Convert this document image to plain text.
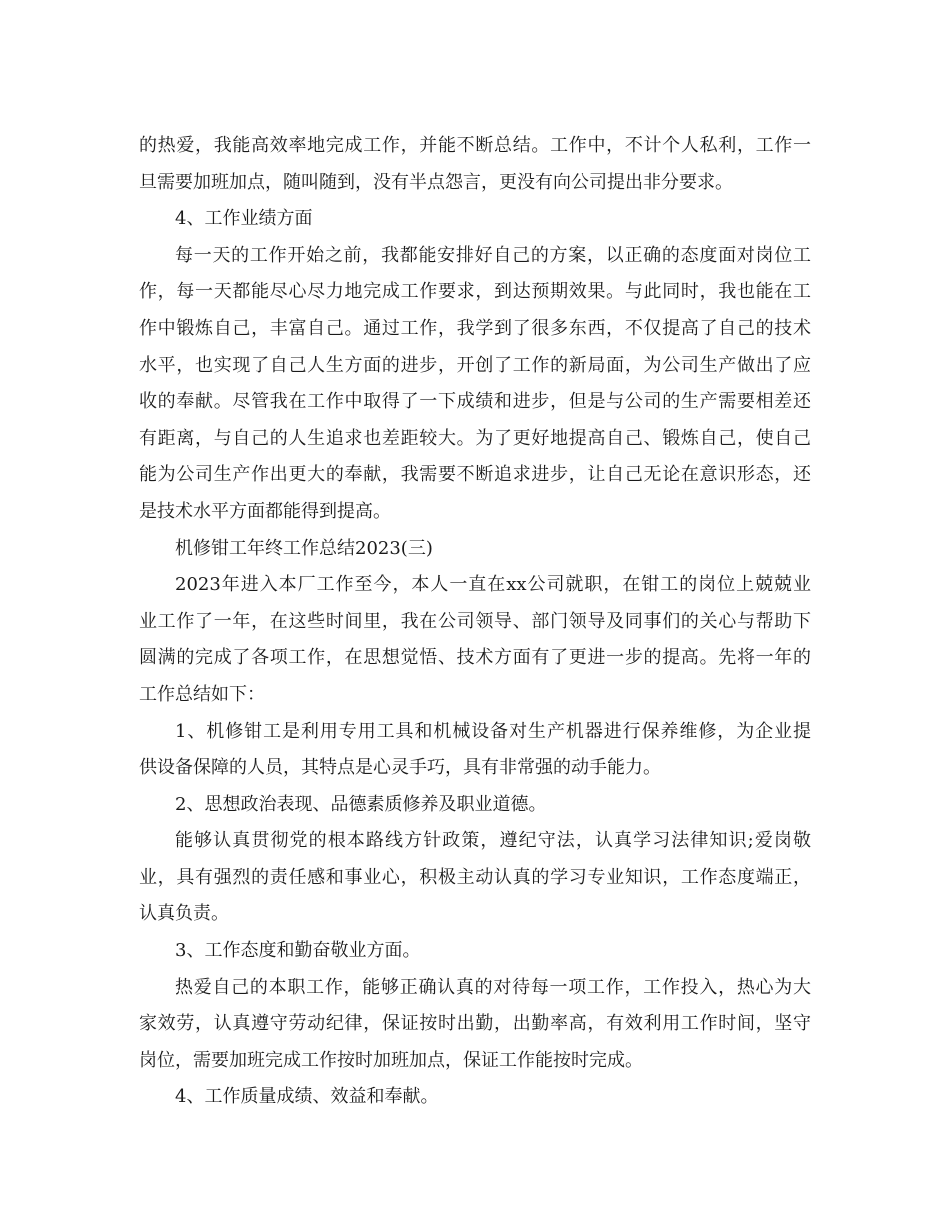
的热爱，我能高效率地完成工作，并能不断总结。工作中，不计个人私利，工作一
旦需要加班加点，随叫随到，没有半点怨言，更没有向公司提出非分要求。
4、工作业绩方面
每一天的工作开始之前，我都能安排好自己的方案，以正确的态度面对岗位工
作，每一天都能尽心尽力地完成工作要求，到达预期效果。与此同时，我也能在工
作中锻炼自己，丰富自己。通过工作，我学到了很多东西，不仅提高了自己的技术
水平，也实现了自己人生方面的进步，开创了工作的新局面，为公司生产做出了应
收的奉献。尽管我在工作中取得了一下成绩和进步，但是与公司的生产需要相差还
有距离，与自己的人生追求也差距较大。为了更好地提高自己、锻炼自己，使自己
能为公司生产作出更大的奉献，我需要不断追求进步，让自己无论在意识形态，还
是技术水平方面都能得到提高。
机修钳工年终工作总结2023(三)
2023年进入本厂工作至今，本人一直在xx公司就职，在钳工的岗位上兢兢业
业工作了一年，在这些时间里，我在公司领导、部门领导及同事们的关心与帮助下
圆满的完成了各项工作，在思想觉悟、技术方面有了更进一步的提高。先将一年的
工作总结如下：
1、机修钳工是利用专用工具和机械设备对生产机器进行保养维修，为企业提
供设备保障的人员，其特点是心灵手巧，具有非常强的动手能力。
2、思想政治表现、品德素质修养及职业道德。
能够认真贯彻党的根本路线方针政策，遵纪守法，认真学习法律知识;爱岗敬
业，具有强烈的责任感和事业心，积极主动认真的学习专业知识，工作态度端正，
认真负责。
3、工作态度和勤奋敬业方面。
热爱自己的本职工作，能够正确认真的对待每一项工作，工作投入，热心为大
家效劳，认真遵守劳动纪律，保证按时出勤，出勤率高，有效利用工作时间，坚守
岗位，需要加班完成工作按时加班加点，保证工作能按时完成。
4、工作质量成绩、效益和奉献。
